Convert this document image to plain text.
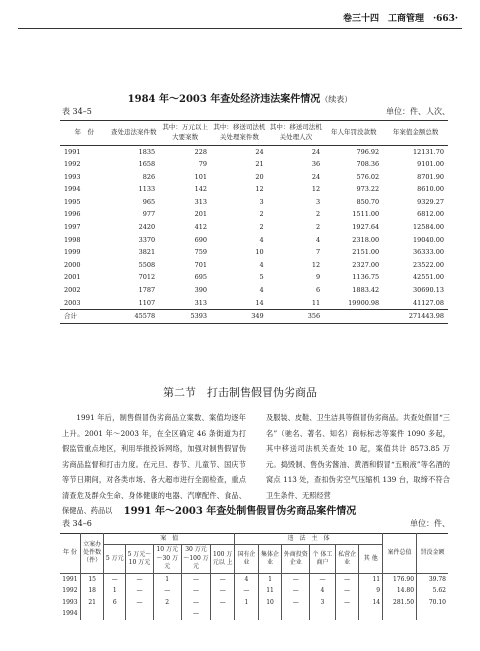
卷三十四　工商管理　·663·
1984 年～2003 年查处经济违法案件情况（续表）
表 34–5	单位：件、人次、
年　份	查处违法案件数	其中：万元以上大要案数	其中：移送司法机关处理案件数	其中：移送司法机关处理人次	年人年罚没款数	年案值金额总数
1991	1835	228	24	24	796.92	12131.70
1992	1658	79	21	36	708.36	9101.00
1993	826	101	20	24	576.02	8701.90
1994	1133	142	12	12	973.22	8610.00
1995	965	313	3	3	850.70	9329.27
1996	977	201	2	2	1511.00	6812.00
1997	2420	412	2	2	1927.64	12584.00
1998	3370	690	4	4	2318.00	19040.00
1999	3821	759	10	7	2151.00	36333.00
2000	5508	701	4	12	2327.00	23522.00
2001	7012	695	5	9	1136.75	42551.00
2002	1787	390	4	6	1883.42	30690.13
2003	1107	313	14	11	19900.98	41127.08
合计	45578	5393	349	356		271443.98
第二节　打击制售假冒伪劣商品

1991 年后，制售假冒伪劣商品立案数、案值均逐年上升。2001 年～2003 年，在全区确定 46 条街道为打假监管重点地区，利用举报投诉网络，加强对制售假冒伪劣商品监督和打击力度。在元旦、春节、儿童节、国庆节等节日期间，对各类市场、各大超市进行全面检查，重点清查危及群众生命、身体健康的电器、汽摩配件、食品、保健品、药品以

及服装、皮鞋、卫生洁具等假冒伪劣商品。共查处假冒“三名”（驰名、著名、知名）商标标志等案件 1090 多起，其中移送司法机关查处 10 起，案值共计 8573.85 万元。捣毁制、售伪劣酱油、黄酒和假冒“五粮液”等名酒的窝点 113 处，查扣伪劣空气压缩机 139 台，取缔不符合卫生条件、无照经营

1991 年～2003 年查处制售假冒伪劣商品案件情况
表 34–6	单位：件、
年 份	立案办处件数（件）	案　值					违　法　主　体						案件总值	罚没金额
		5 万元	5 万元～10 万元	10 万元～30 万元	30 万元～100 万元	100 万元以 上	国有企业	集体企业	外商投资企业	个 体工商户	私营企业	其 他		
1991	15	—	—	1	—	—	4	1	—	—	—	11	176.90	39.78
1992	18	1	—	—	—	—	—	11	—	4	—	9	14.80	5.62
1993	21	6	—	2	—	—	1	10	—	3	—	14	281.50	70.10
1994					—									
